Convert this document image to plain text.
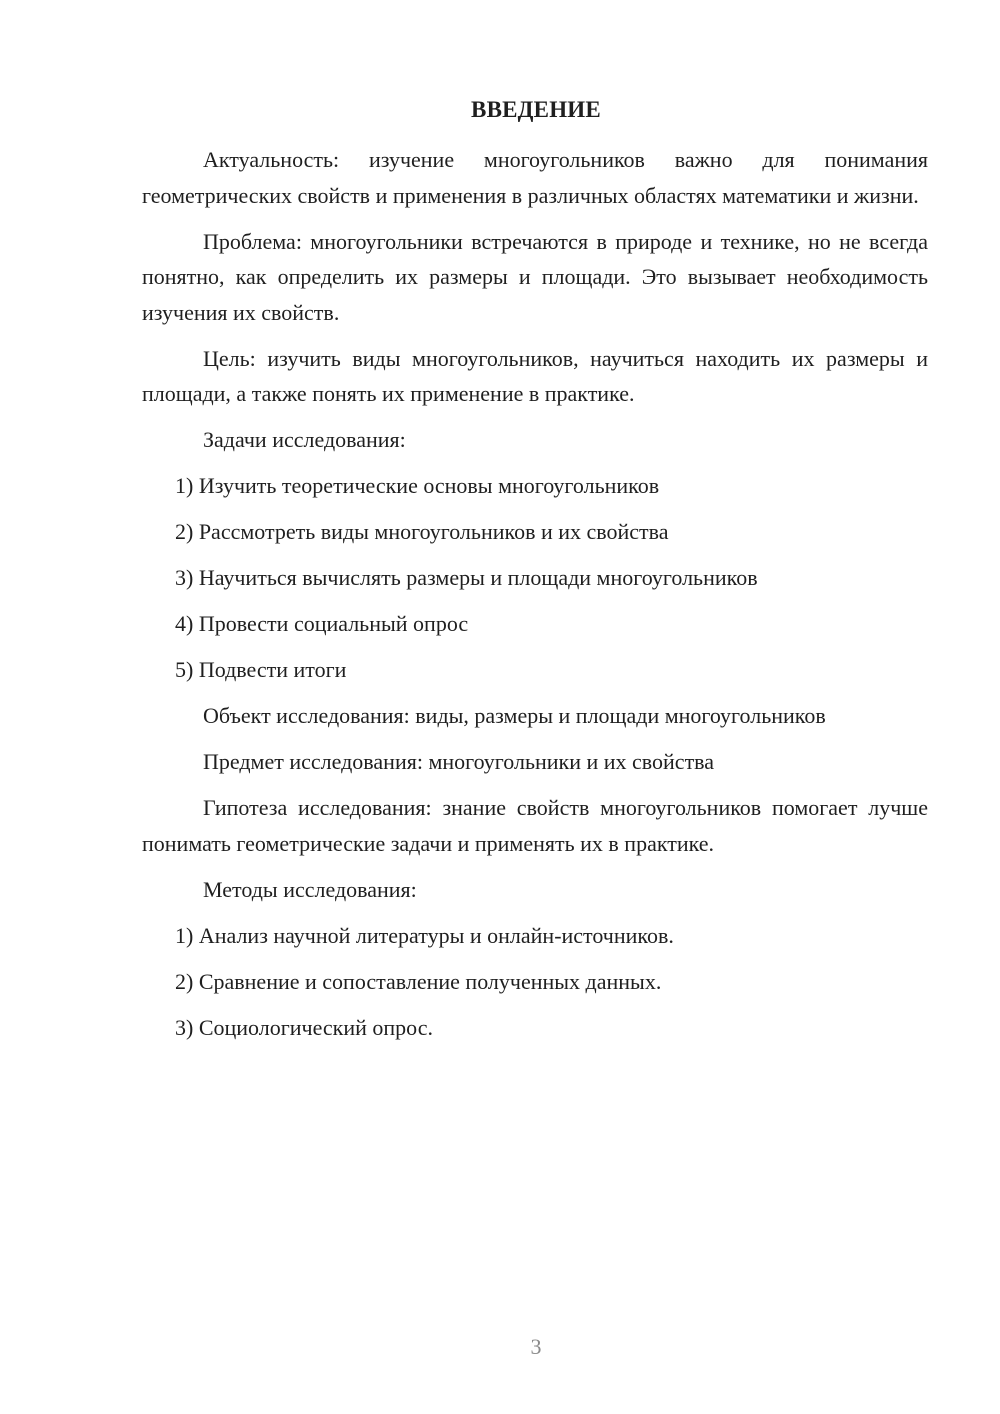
ВВЕДЕНИЕ

Актуальность: изучение многоугольников важно для понимания геометрических свойств и применения в различных областях математики и жизни.

Проблема: многоугольники встречаются в природе и технике, но не всегда понятно, как определить их размеры и площади. Это вызывает необходимость изучения их свойств.

Цель: изучить виды многоугольников, научиться находить их размеры и площади, а также понять их применение в практике.

Задачи исследования:

1) Изучить теоретические основы многоугольников

2) Рассмотреть виды многоугольников и их свойства

3) Научиться вычислять размеры и площади многоугольников

4) Провести социальный опрос

5) Подвести итоги

Объект исследования: виды, размеры и площади многоугольников

Предмет исследования: многоугольники и их свойства

Гипотеза исследования: знание свойств многоугольников помогает лучше понимать геометрические задачи и применять их в практике.

Методы исследования:

1) Анализ научной литературы и онлайн-источников.

2) Сравнение и сопоставление полученных данных.

3) Социологический опрос.

3
